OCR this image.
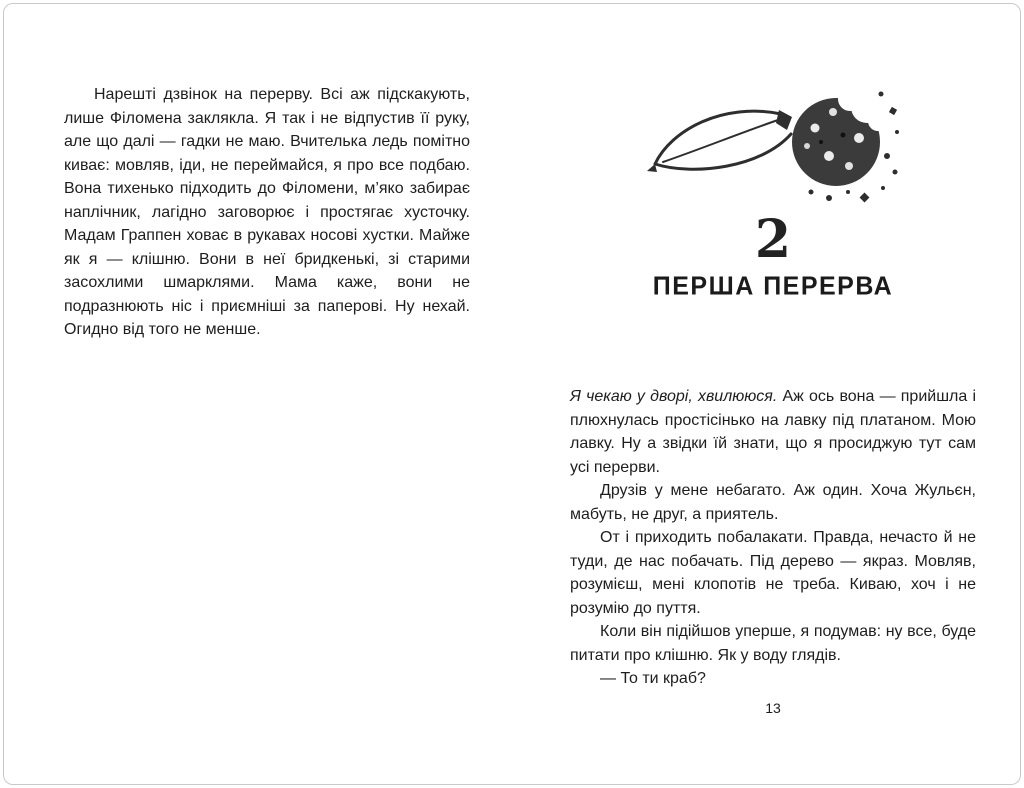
Нарешті дзвінок на перерву. Всі аж підскакують, лише Філомена заклякла. Я так і не відпустив її руку, але що далі — гадки не маю. Вчителька ледь помітно киває: мовляв, іди, не переймайся, я про все подбаю. Вона тихенько підходить до Філомени, м’яко забирає наплічник, лагідно заговорює і простягає хусточку. Мадам Граппен ховає в рукавах носові хустки. Майже як я — клішню. Вони в неї бридкенькі, зі старими засохлими шмарклями. Мама каже, вони не подразнюють ніс і приємніші за паперові. Ну нехай. Огидно від того не менше.

2
ПЕРША ПЕРЕРВА

Я чекаю у дворі, хвилююся. Аж ось вона — прийшла і плюхнулась простісінько на лавку під платаном. Мою лавку. Ну а звідки їй знати, що я просиджую тут сам усі перерви.

Друзів у мене небагато. Аж один. Хоча Жульєн, мабуть, не друг, а приятель.

От і приходить побалакати. Правда, нечасто й не туди, де нас побачать. Під дерево — якраз. Мовляв, розумієш, мені клопотів не треба. Киваю, хоч і не розумію до пуття.

Коли він підійшов уперше, я подумав: ну все, буде питати про клішню. Як у воду глядів.

— То ти краб?

13
